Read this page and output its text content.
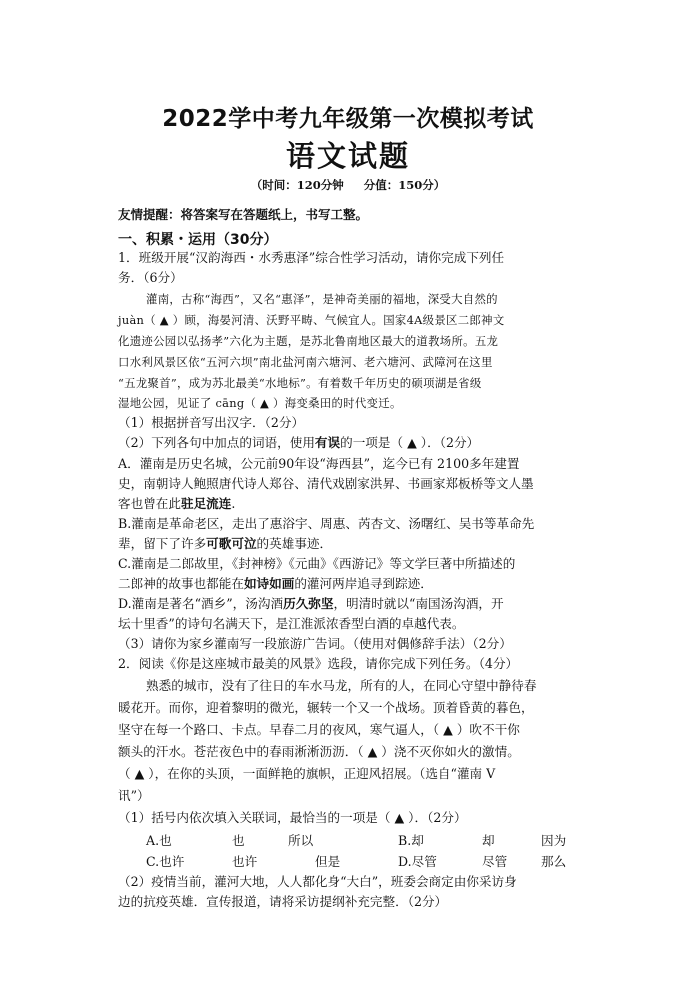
2022学中考九年级第一次模拟考试
语文试题
（时间：120分钟     分值：150分）
友情提醒：将答案写在答题纸上，书写工整。
一、积累・运用（30分）
1．班级开展“汉韵海西・水秀惠泽”综合性学习活动，请你完成下列任
务．（6分）
灌南，古称“海西”，又名“惠泽”，是神奇美丽的福地，深受大自然的
juàn（ ▲ ）顾，海晏河清、沃野平畴、气候宜人。国家4A级景区二郎神文
化遗迹公园以弘扬孝”六化为主题，是苏北鲁南地区最大的道教场所。五龙
口水利风景区依“五河六坝”南北盐河南六塘河、老六塘河、武障河在这里
“五龙聚首”，成为苏北最美“水地标”。有着数千年历史的硕项湖是省级
湿地公园，见证了 cāng（ ▲ ）海变桑田的时代变迁。
（1）根据拼音写出汉字．（2分）
（2）下列各句中加点的词语，使用有误的一项是（ ▲ ）．（2分）
A．灌南是历史名城，公元前90年设“海西县”，迄今已有 2100多年建置
史，南朝诗人鲍照唐代诗人郑谷、清代戏剧家洪昇、书画家郑板桥等文人墨
客也曾在此驻足流连.
B.灌南是革命老区，走出了惠浴宇、周惠、芮杏文、汤曙红、吴书等革命先
辈，留下了许多可歌可泣的英雄事迹．
C.灌南是二郎故里，《封神榜》《元曲》《西游记》等文学巨著中所描述的
二郎神的故事也都能在如诗如画的灌河两岸追寻到踪迹．
D.灌南是著名“酒乡”，汤沟酒历久弥坚，明清时就以“南国汤沟酒，开
坛十里香”的诗句名满天下，是江淮派浓香型白酒的卓越代表。
（3）请你为家乡灌南写一段旅游广告词。（使用对偶修辞手法）（2分）
2．阅读《你是这座城市最美的风景》选段，请你完成下列任务。（4分）
熟悉的城市，没有了往日的车水马龙，所有的人，在同心守望中静待春
暖花开。而你，迎着黎明的微光，辗转一个又一个战场。顶着昏黄的暮色，
坚守在每一个路口、卡点。早春二月的夜风，寒气逼人，（ ▲ ）吹不干你
额头的汗水。苍茫夜色中的春雨淅淅沥沥．（ ▲ ）浇不灭你如火的激情。
（ ▲ ），在你的头顶，一面鲜艳的旗帜，正迎风招展。（选自“灌南 V
讯”）
（1）括号内依次填入关联词，最恰当的一项是（ ▲ ）．（2分）
A.也	也	所以	B.却	却	因为
C.也许	也许	但是	D.尽管	尽管	那么
（2）疫情当前，灌河大地，人人都化身“大白”，班委会商定由你采访身
边的抗疫英雄．宣传报道，请将采访提纲补充完整．（2分）
